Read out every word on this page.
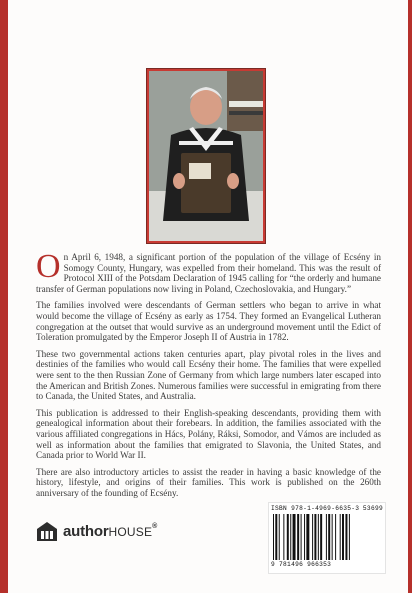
On April 6, 1948, a significant portion of the population of the village of Ecsény in Somogy County, Hungary, was expelled from their homeland. This was the result of Protocol XIII of the Potsdam Declaration of 1945 calling for “the orderly and humane transfer of German populations now living in Poland, Czechoslovakia, and Hungary.”

The families involved were descendants of German settlers who began to arrive in what would become the village of Ecsény as early as 1754. They formed an Evangelical Lutheran congregation at the outset that would survive as an underground movement until the Edict of Toleration promulgated by the Emperor Joseph II of Austria in 1782.

These two governmental actions taken centuries apart, play pivotal roles in the lives and destinies of the families who would call Ecsény their home. The families that were expelled were sent to the then Russian Zone of Germany from which large numbers later escaped into the American and British Zones. Numerous families were successful in emigrating from there to Canada, the United States, and Australia.

This publication is addressed to their English-speaking descendants, providing them with genealogical information about their forebears. In addition, the families associated with the various affiliated congregations in Hács, Polány, Ráksi, Somodor, and Vámos are included as well as information about the families that emigrated to Slavonia, the United States, and Canada prior to World War II.

There are also introductory articles to assist the reader in having a basic knowledge of the history, lifestyle, and origins of their families. This work is published on the 260th anniversary of the founding of Ecsény.

authorHOUSE®
ISBN 978-1-4969-6635-3 53699
9 781496 966353
